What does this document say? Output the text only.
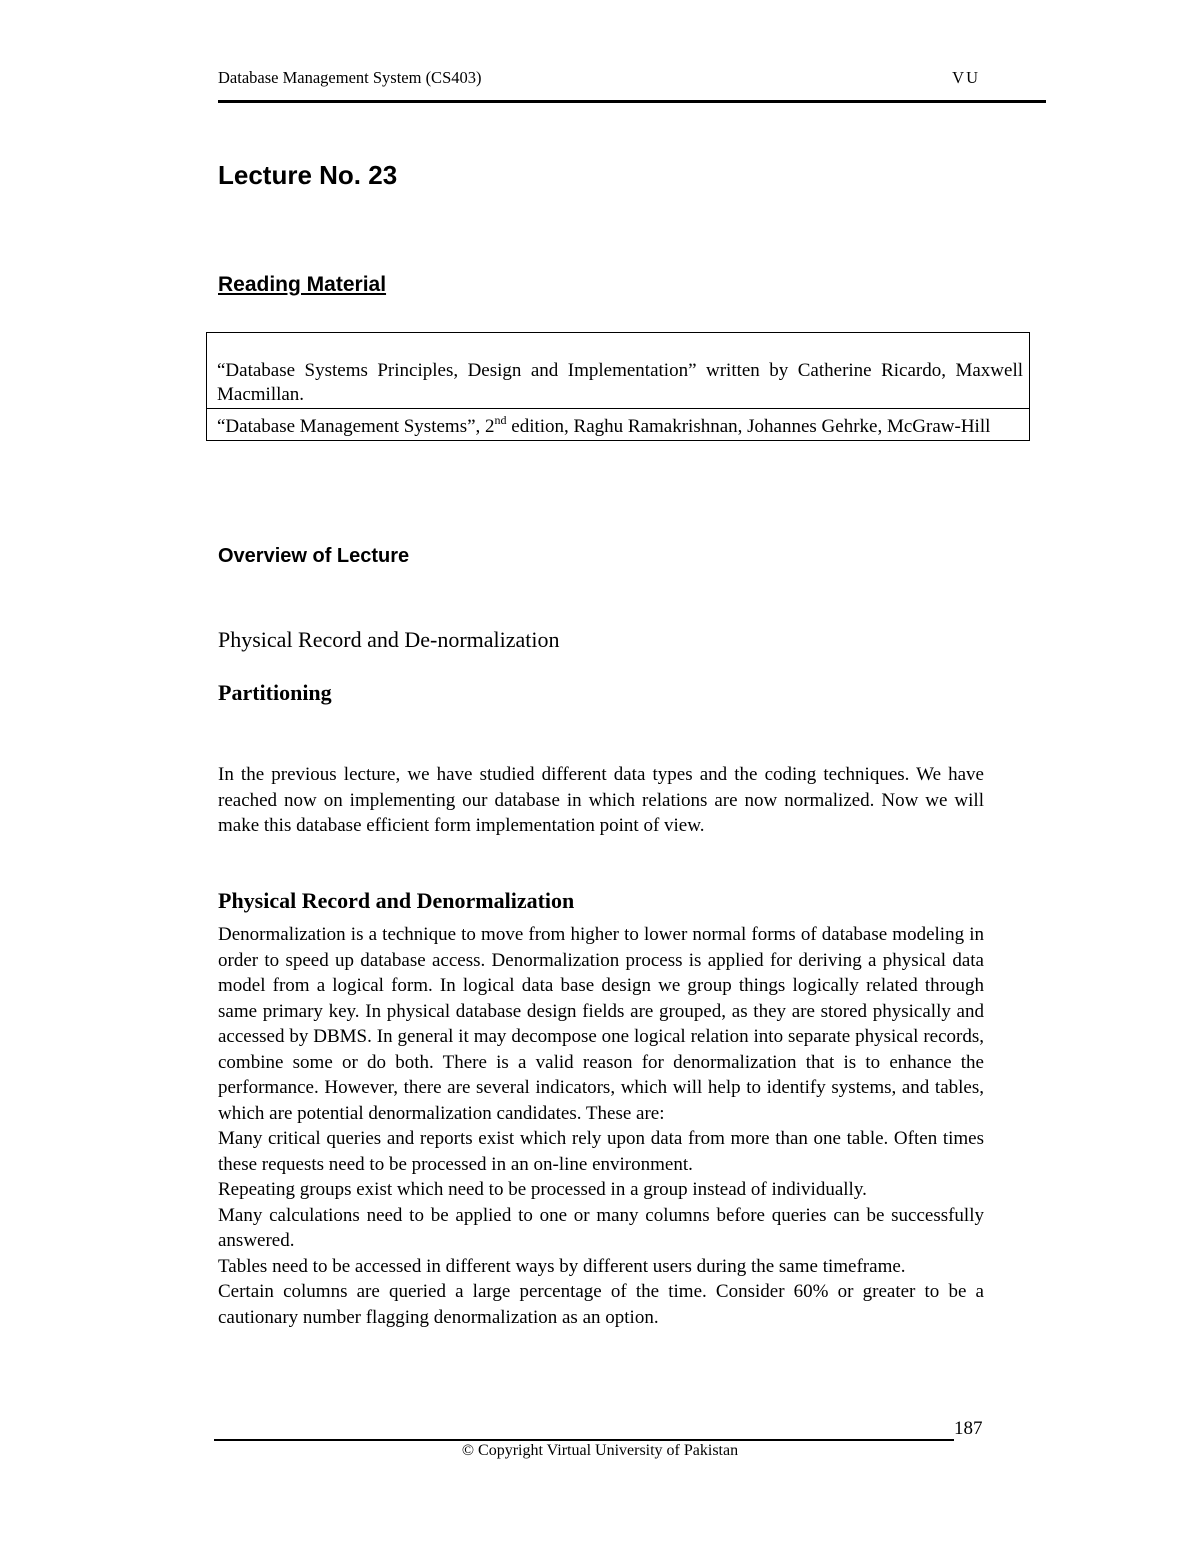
Database Management System (CS403)	VU
Lecture No. 23
Reading Material
“Database Systems Principles, Design and Implementation” written by Catherine Ricardo, Maxwell Macmillan.
“Database Management Systems”, 2nd edition, Raghu Ramakrishnan, Johannes Gehrke, McGraw-Hill
Overview of Lecture
Physical Record and De-normalization
Partitioning

In the previous lecture, we have studied different data types and the coding techniques. We have reached now on implementing our database in which relations are now normalized. Now we will make this database efficient form implementation point of view.

Physical Record and Denormalization

Denormalization is a technique to move from higher to lower normal forms of database modeling in order to speed up database access. Denormalization process is applied for deriving a physical data model from a logical form. In logical data base design we group things logically related through same primary key. In physical database design fields are grouped, as they are stored physically and accessed by DBMS. In general it may decompose one logical relation into separate physical records, combine some or do both. There is a valid reason for denormalization that is to enhance the performance. However, there are several indicators, which will help to identify systems, and tables, which are potential denormalization candidates. These are:

Many critical queries and reports exist which rely upon data from more than one table. Often times these requests need to be processed in an on-line environment.

Repeating groups exist which need to be processed in a group instead of individually.

Many calculations need to be applied to one or many columns before queries can be successfully answered.

Tables need to be accessed in different ways by different users during the same timeframe.

Certain columns are queried a large percentage of the time. Consider 60% or greater to be a cautionary number flagging denormalization as an option.

187
© Copyright Virtual University of Pakistan
